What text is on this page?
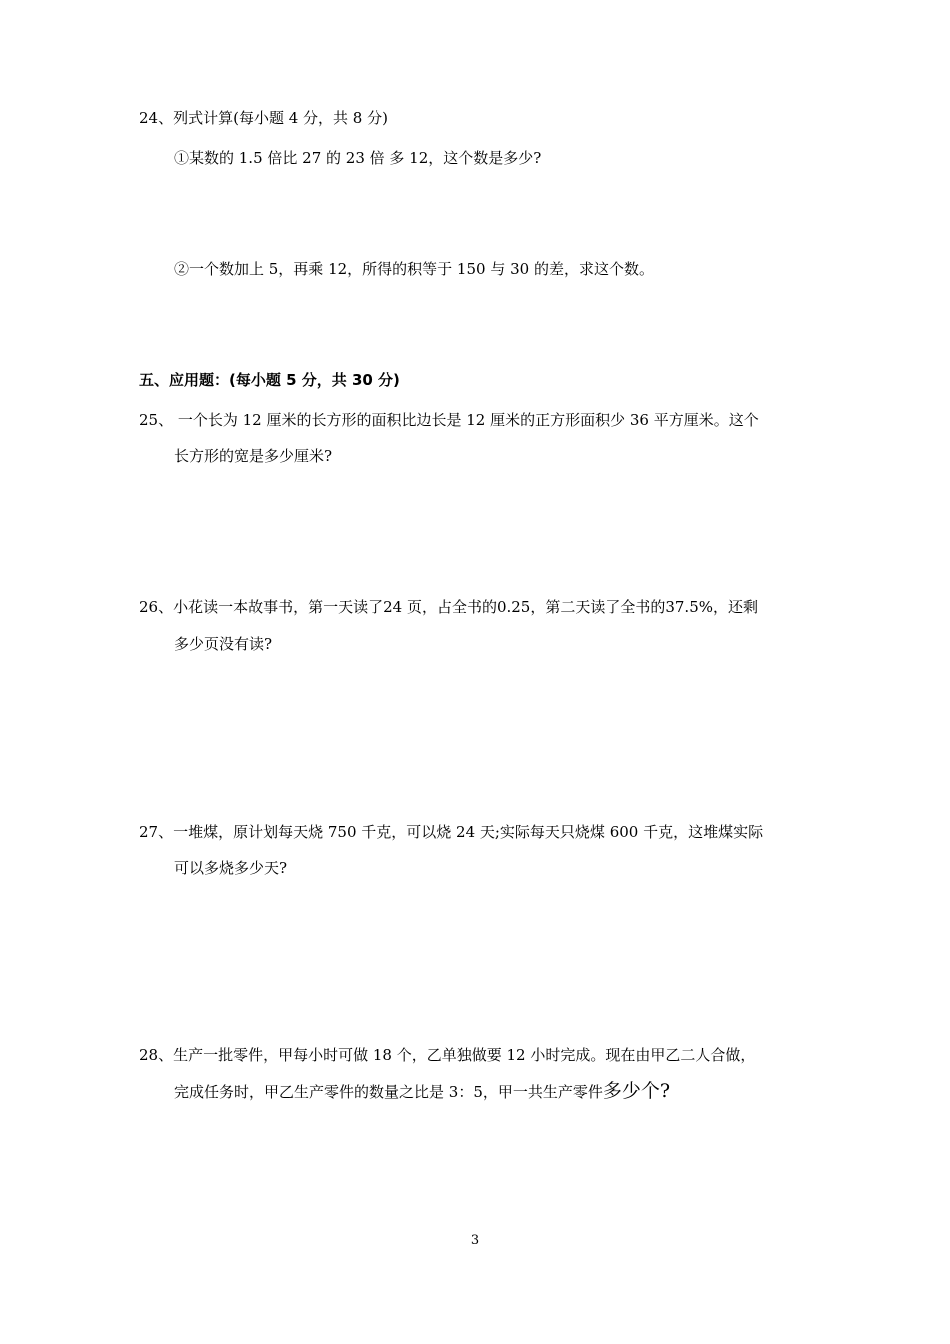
24、列式计算(每小题 4 分，共 8 分)
①某数的 1.5 倍比 27 的 23 倍 多 12，这个数是多少?
②一个数加上 5，再乘 12，所得的积等于 150 与 30 的差，求这个数。
五、应用题：(每小题 5 分，共 30 分)
25、 一个长为 12 厘米的长方形的面积比边长是 12 厘米的正方形面积少 36 平方厘米。这个
长方形的宽是多少厘米?
26、小花读一本故事书，第一天读了24 页，占全书的0.25，第二天读了全书的37.5%，还剩
多少页没有读?
27、一堆煤，原计划每天烧 750 千克，可以烧 24 天;实际每天只烧煤 600 千克，这堆煤实际
可以多烧多少天?
28、生产一批零件，甲每小时可做 18 个，乙单独做要 12 小时完成。现在由甲乙二人合做，
完成任务时，甲乙生产零件的数量之比是 3：5，甲一共生产零件多少个?
3
